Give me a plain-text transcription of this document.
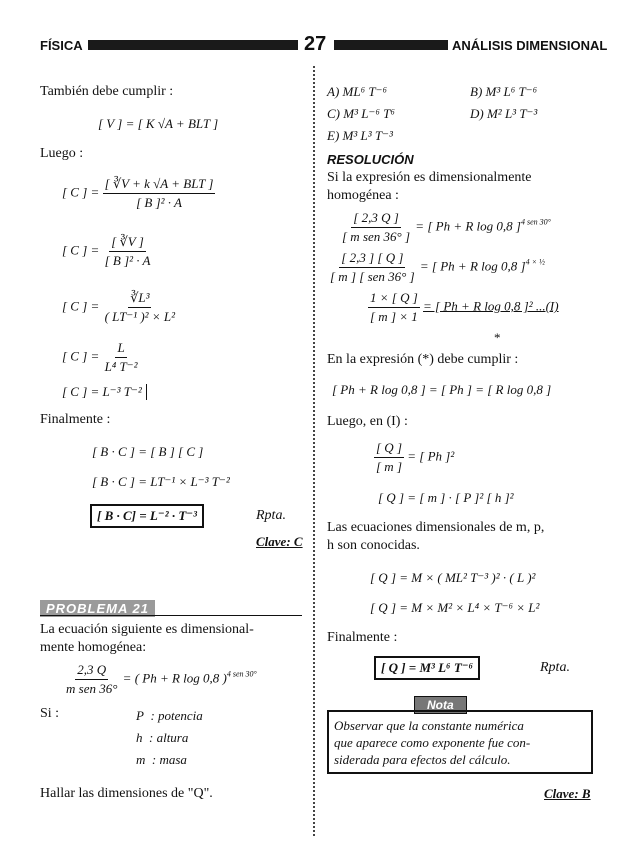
FÍSICA	27	ANÁLISIS DIMENSIONAL
También debe cumplir :
[ V ] = [ K √A + BLT ]
Luego :
[ C ] = $\frac{\text{[ ∛V + k √A + BLT ]}}{\text{[ B ]² · A}}$
[ C ] = $\frac{[ ∛V ]}{\text{[ B ]² · A}}$
[ C ] = $\frac{\text{∛L³}}{\text{( LT⁻¹ )² × L²}}$
[ C ] = $\frac{L}{\text{L⁴ T⁻²}}$
[ C ] = L⁻³ T⁻²
Finalmente :
[ B · C ] = [ B ] [ C ]
[ B · C ] = LT⁻¹ × L⁻³ T⁻²
[ B · C] = L⁻² · T⁻³	Rpta.
Clave: C
PROBLEMA 21
La ecuación siguiente es dimensional-
mente homogénea:
$\frac{2,3 Q}{\text{m sen 36°}}$ = ( Ph + R log 0,8 )$^{4 sen 30^\circ}$
Si :	P : potencia
h : altura
m : masa
Hallar las dimensiones de "Q".
A) ML⁶ T⁻⁶	B) M³ L⁶ T⁻⁶
C) M³ L⁻⁶ T⁶	D) M² L³ T⁻³
E) M³ L³ T⁻³
RESOLUCIÓN
Si la expresión es dimensionalmente
homogénea :
$\frac{[ 2,3 Q ]}{\text{[ m sen 36° ]}}$ = [ Ph + R log 0,8 ]$^{4 sen 30^\circ}$
$\frac{[ 2,3 ] [ Q ]}{\text{[ m ] [ sen 36° ]}}$ = [ Ph + R log 0,8 ]$^{4 \times \frac{1}{2}}$
$\frac{1 \times [ Q ]}{[ m ] \times 1}$ = [ Ph + R log 0,8 ]² ...(I)
*
En la expresión (*) debe cumplir :
[ Ph + R log 0,8 ] = [ Ph ] = [ R log 0,8 ]
Luego, en (I) :
$\frac{[ Q ]}{[ m ]}$ = [ Ph ]²
[ Q ] = [ m ] · [ P ]² [ h ]²
Las ecuaciones dimensionales de m, p,
h son conocidas.
[ Q ] = M × ( ML² T⁻³ )² · ( L )²
[ Q ] = M × M² × L⁴ × T⁻⁶ × L²
Finalmente :
[ Q ] = M³ L⁶ T⁻⁶	Rpta.
Nota
Observar que la constante numérica
que aparece como exponente fue con-
siderada para efectos del cálculo.
Clave: B
